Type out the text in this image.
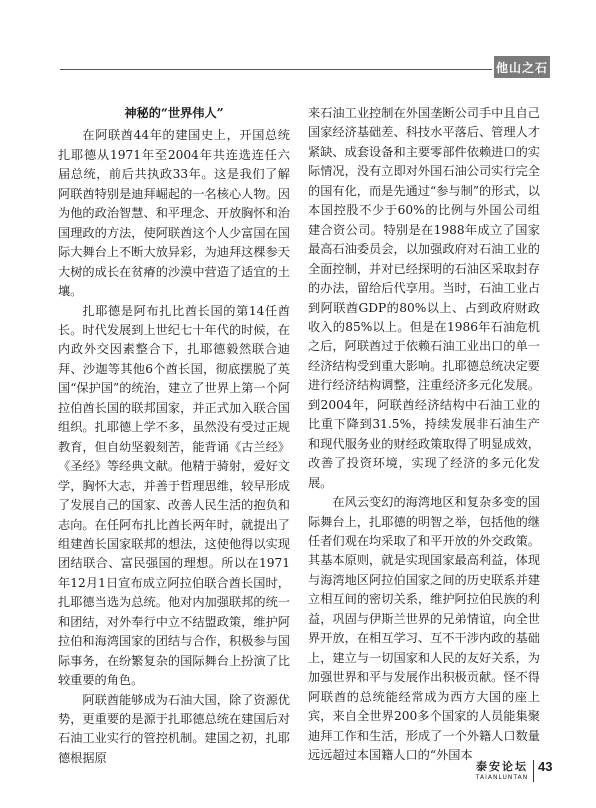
他山之石
神秘的“世界伟人”

在阿联酋44年的建国史上，开国总统扎耶德从1971年至2004年共连选连任六届总统，前后共执政33年。这是我们了解阿联酋特别是迪拜崛起的一名核心人物。因为他的政治智慧、和平理念、开放胸怀和治国理政的方法，使阿联酋这个人少富国在国际大舞台上不断大放异彩，为迪拜这棵参天大树的成长在贫瘠的沙漠中营造了适宜的土壤。

扎耶德是阿布扎比酋长国的第14任酋长。时代发展到上世纪七十年代的时候，在内政外交因素整合下，扎耶德毅然联合迪拜、沙迦等其他6个酋长国，彻底摆脱了英国“保护国”的统治，建立了世界上第一个阿拉伯酋长国的联邦国家，并正式加入联合国组织。扎耶德上学不多，虽然没有受过正规教育，但自幼坚毅刻苦，能背诵《古兰经》《圣经》等经典文献。他精于骑射，爱好文学，胸怀大志，并善于哲理思维，较早形成了发展自己的国家、改善人民生活的抱负和志向。在任阿布扎比酋长两年时，就提出了组建酋长国家联邦的想法，这使他得以实现团结联合、富民强国的理想。所以在1971年12月1日宣布成立阿拉伯联合酋长国时，扎耶德当选为总统。他对内加强联邦的统一和团结，对外奉行中立不结盟政策，维护阿拉伯和海湾国家的团结与合作，积极参与国际事务，在纷繁复杂的国际舞台上扮演了比较重要的角色。

阿联酋能够成为石油大国，除了资源优势，更重要的是源于扎耶德总统在建国后对石油工业实行的管控机制。建国之初，扎耶德根据原

来石油工业控制在外国垄断公司手中且自己国家经济基础差、科技水平落后、管理人才紧缺、成套设备和主要零部件依赖进口的实际情况，没有立即对外国石油公司实行完全的国有化，而是先通过“参与制”的形式，以本国控股不少于60%的比例与外国公司组建合资公司。特别是在1988年成立了国家最高石油委员会，以加强政府对石油工业的全面控制，并对已经探明的石油区采取封存的办法，留给后代享用。当时，石油工业占到阿联酋GDP的80%以上、占到政府财政收入的85%以上。但是在1986年石油危机之后，阿联酋过于依赖石油工业出口的单一经济结构受到重大影响。扎耶德总统决定要进行经济结构调整，注重经济多元化发展。到2004年，阿联酋经济结构中石油工业的比重下降到31.5%，持续发展非石油生产和现代服务业的财经政策取得了明显成效，改善了投资环境，实现了经济的多元化发展。

在风云变幻的海湾地区和复杂多变的国际舞台上，扎耶德的明智之举，包括他的继任者们观在均采取了和平开放的外交政策。其基本原则，就是实现国家最高利益，体现与海湾地区阿拉伯国家之间的历史联系并建立相互间的密切关系，维护阿拉伯民族的利益，巩固与伊斯兰世界的兄弟情谊，向全世界开放，在相互学习、互不干涉内政的基础上，建立与一切国家和人民的友好关系，为加强世界和平与发展作出积极贡献。怪不得阿联酋的总统能经常成为西方大国的座上宾，来自全世界200多个国家的人员能集聚迪拜工作和生活，形成了一个外籍人口数量远远超过本国籍人口的“外国本

泰安论坛
TAIANLUNTAN
43
